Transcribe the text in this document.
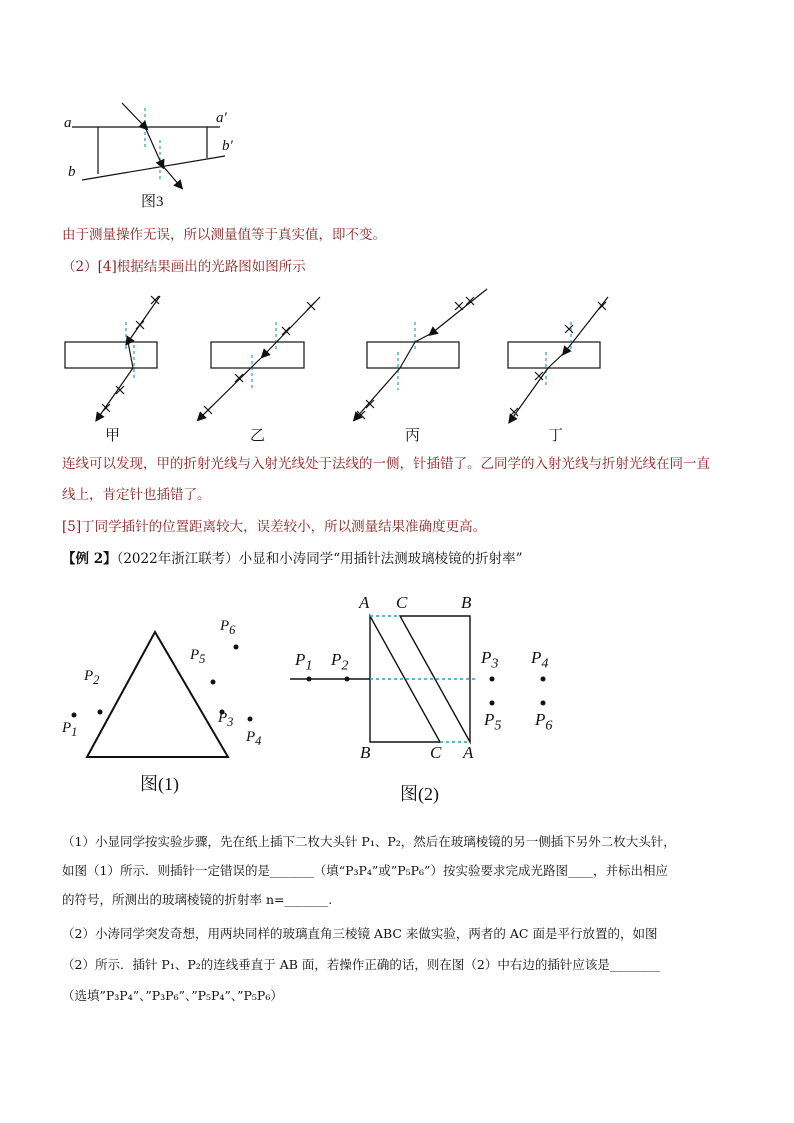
a	a′
b
b′
图3
由于测量操作无误，所以测量值等于真实值，即不变。
（2）[4]根据结果画出的光路图如图所示
甲	乙	丙	丁
连线可以发现，甲的折射光线与入射光线处于法线的一侧，针插错了。乙同学的入射光线与折射光线在同一直
线上，肯定针也插错了。
[5]丁同学插针的位置距离较大，误差较小，所以测量结果准确度更高。
【例 2】（2022年浙江联考）小显和小涛同学“用插针法测玻璃棱镜的折射率”
$P_6$
$P_5$
$P_2$
$P_1$
$P_3$
$P_4$
图(1)
A C	B
B	C A
$P_1$ $P_2$	$P_3$ $P_4$
$P_5$ $P_6$
图(2)
（1）小显同学按实验步骤，先在纸上插下二枚大头针 P₁、P₂，然后在玻璃棱镜的另一侧插下另外二枚大头针，
如图（1）所示．则插针一定错误的是_______（填“P₃P₄”或”P₅P₆”）按实验要求完成光路图____，并标出相应
的符号，所测出的玻璃棱镜的折射率 n=_______.
（2）小涛同学突发奇想，用两块同样的玻璃直角三棱镜 ABC 来做实验，两者的 AC 面是平行放置的，如图
（2）所示．插针 P₁、P₂的连线垂直于 AB 面，若操作正确的话，则在图（2）中右边的插针应该是________
（选填”P₃P₄”、”P₃P₆”、”P₅P₄”、”P₅P₆）
